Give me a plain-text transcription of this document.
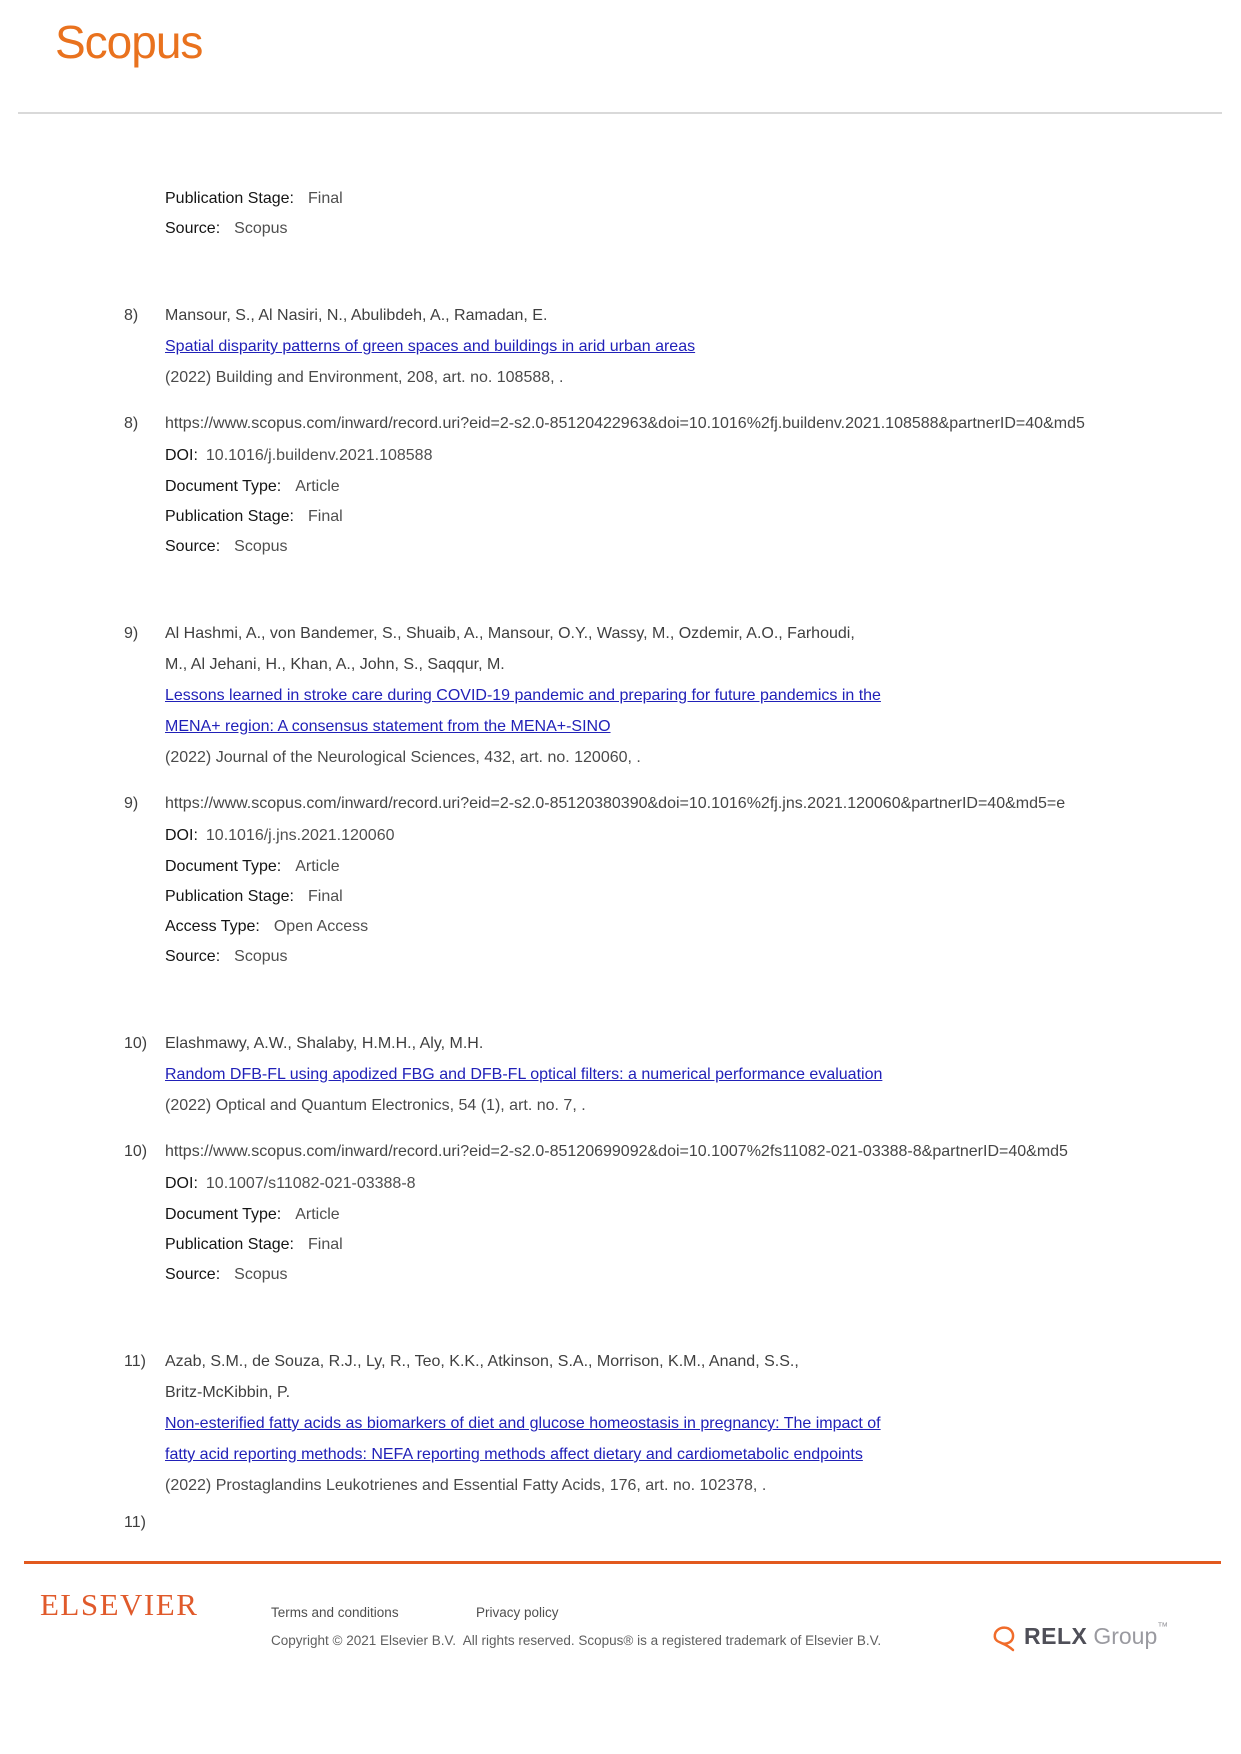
Scopus
Publication Stage: Final
Source: Scopus
8) Mansour, S., Al Nasiri, N., Abulibdeh, A., Ramadan, E.
Spatial disparity patterns of green spaces and buildings in arid urban areas
(2022) Building and Environment, 208, art. no. 108588, .
8) https://www.scopus.com/inward/record.uri?eid=2-s2.0-85120422963&doi=10.1016%2fj.buildenv.2021.108588&partnerID=40&md5
DOI: 10.1016/j.buildenv.2021.108588
Document Type: Article
Publication Stage: Final
Source: Scopus
9) Al Hashmi, A., von Bandemer, S., Shuaib, A., Mansour, O.Y., Wassy, M., Ozdemir, A.O., Farhoudi,
M., Al Jehani, H., Khan, A., John, S., Saqqur, M.
Lessons learned in stroke care during COVID-19 pandemic and preparing for future pandemics in the
MENA+ region: A consensus statement from the MENA+-SINO
(2022) Journal of the Neurological Sciences, 432, art. no. 120060, .
9) https://www.scopus.com/inward/record.uri?eid=2-s2.0-85120380390&doi=10.1016%2fj.jns.2021.120060&partnerID=40&md5=e
DOI: 10.1016/j.jns.2021.120060
Document Type: Article
Publication Stage: Final
Access Type: Open Access
Source: Scopus
10) Elashmawy, A.W., Shalaby, H.M.H., Aly, M.H.
Random DFB-FL using apodized FBG and DFB-FL optical filters: a numerical performance evaluation
(2022) Optical and Quantum Electronics, 54 (1), art. no. 7, .
10) https://www.scopus.com/inward/record.uri?eid=2-s2.0-85120699092&doi=10.1007%2fs11082-021-03388-8&partnerID=40&md5
DOI: 10.1007/s11082-021-03388-8
Document Type: Article
Publication Stage: Final
Source: Scopus
11) Azab, S.M., de Souza, R.J., Ly, R., Teo, K.K., Atkinson, S.A., Morrison, K.M., Anand, S.S.,
Britz-McKibbin, P.
Non-esterified fatty acids as biomarkers of diet and glucose homeostasis in pregnancy: The impact of
fatty acid reporting methods: NEFA reporting methods affect dietary and cardiometabolic endpoints
(2022) Prostaglandins Leukotrienes and Essential Fatty Acids, 176, art. no. 102378, .
11)
ELSEVIER	Terms and conditions	Privacy policy
Copyright © 2021 Elsevier B.V.  All rights reserved. Scopus® is a registered trademark of Elsevier B.V.	RELX Group ™
